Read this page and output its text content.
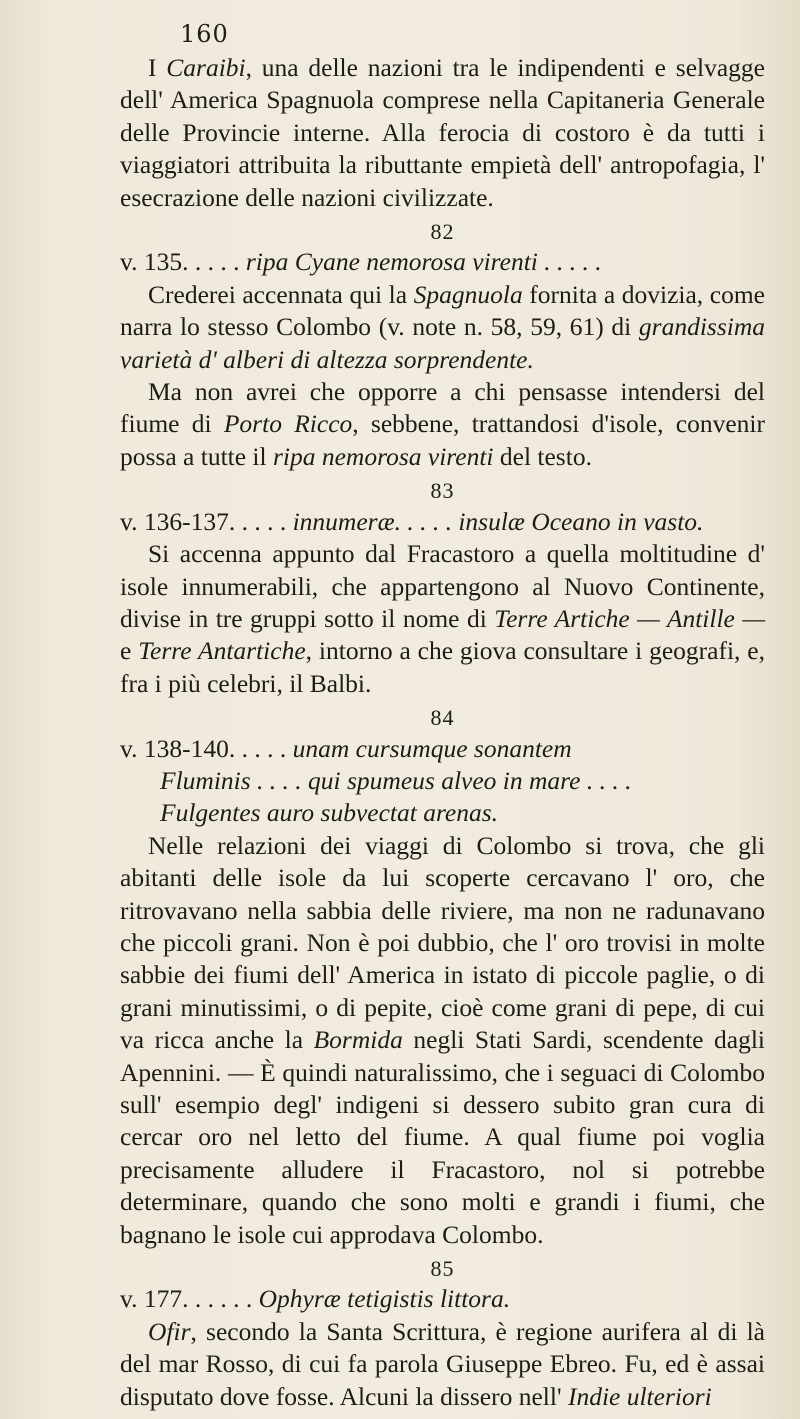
160

I Caraibi, una delle nazioni tra le indipendenti e selvagge dell' America Spagnuola comprese nella Capitaneria Generale delle Provincie interne. Alla ferocia di costoro è da tutti i viaggiatori attribuita la ributtante empietà dell' antropofagia, l' esecrazione delle nazioni civilizzate.

82

v. 135. . . . . ripa Cyane nemorosa virenti . . . . .

Crederei accennata qui la Spagnuola fornita a dovizia, come narra lo stesso Colombo (v. note n. 58, 59, 61) di grandissima varietà d' alberi di altezza sorprendente.

Ma non avrei che opporre a chi pensasse intendersi del fiume di Porto Ricco, sebbene, trattandosi d'isole, convenir possa a tutte il ripa nemorosa virenti del testo.

83

v. 136-137. . . . . innumeræ. . . . . insulæ Oceano in vasto.

Si accenna appunto dal Fracastoro a quella moltitudine d' isole innumerabili, che appartengono al Nuovo Continente, divise in tre gruppi sotto il nome di Terre Artiche — Antille — e Terre Antartiche, intorno a che giova consultare i geografi, e, fra i più celebri, il Balbi.

84

v. 138-140. . . . . unam cursumque sonantem

Fluminis . . . . qui spumeus alveo in mare . . . .

Fulgentes auro subvectat arenas.

Nelle relazioni dei viaggi di Colombo si trova, che gli abitanti delle isole da lui scoperte cercavano l' oro, che ritrovavano nella sabbia delle riviere, ma non ne radunavano che piccoli grani. Non è poi dubbio, che l' oro trovisi in molte sabbie dei fiumi dell' America in istato di piccole paglie, o di grani minutissimi, o di pepite, cioè come grani di pepe, di cui va ricca anche la Bormida negli Stati Sardi, scendente dagli Apennini. — È quindi naturalissimo, che i seguaci di Colombo sull' esempio degl' indigeni si dessero subito gran cura di cercar oro nel letto del fiume. A qual fiume poi voglia precisamente alludere il Fracastoro, nol si potrebbe determinare, quando che sono molti e grandi i fiumi, che bagnano le isole cui approdava Colombo.

85

v. 177. . . . . . Ophyræ tetigistis littora.

Ofir, secondo la Santa Scrittura, è regione aurifera al di là del mar Rosso, di cui fa parola Giuseppe Ebreo. Fu, ed è assai disputato dove fosse. Alcuni la dissero nell' Indie ulteriori
